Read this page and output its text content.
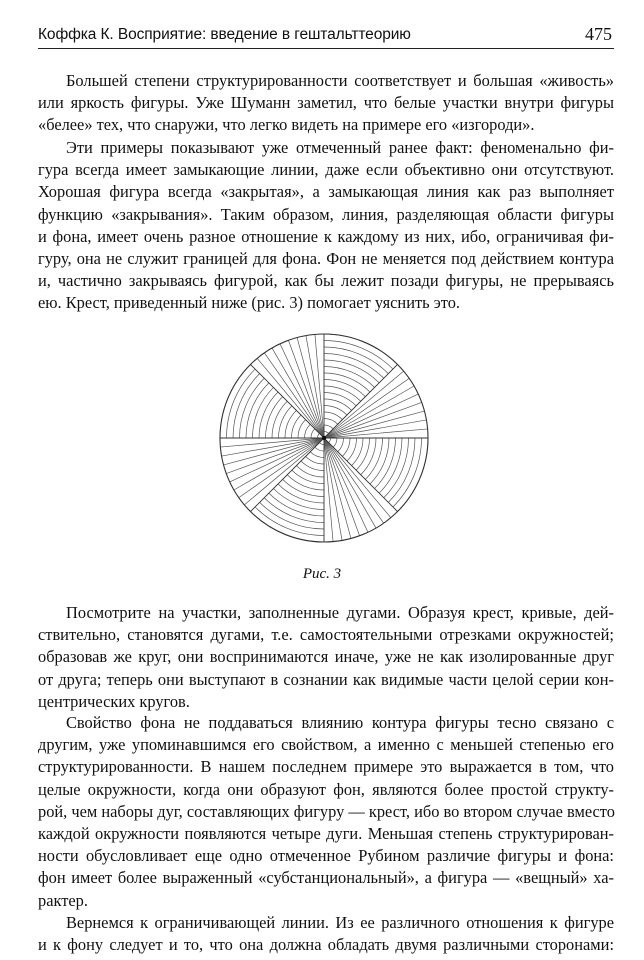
Коффка К. Восприятие: введение в гештальттеорию	475

Большей степени структурированности соответствует и большая «живость»
или яркость фигуры. Уже Шуманн заметил, что белые участки внутри фигуры
«белее» тех, что снаружи, что легко видеть на примере его «изгороди».

Эти примеры показывают уже отмеченный ранее факт: феноменально фи-
гура всегда имеет замыкающие линии, даже если объективно они отсутствуют.
Хорошая фигура всегда «закрытая», а замыкающая линия как раз выполняет
функцию «закрывания». Таким образом, линия, разделяющая области фигуры
и фона, имеет очень разное отношение к каждому из них, ибо, ограничивая фи-
гуру, она не служит границей для фона. Фон не меняется под действием контура
и, частично закрываясь фигурой, как бы лежит позади фигуры, не прерываясь
ею. Крест, приведенный ниже (рис. 3) помогает уяснить это.

Рис. 3

Посмотрите на участки, заполненные дугами. Образуя крест, кривые, дей-
ствительно, становятся дугами, т.е. самостоятельными отрезками окружностей;
образовав же круг, они воспринимаются иначе, уже не как изолированные друг
от друга; теперь они выступают в сознании как видимые части целой серии кон-
центрических кругов.

Свойство фона не поддаваться влиянию контура фигуры тесно связано с
другим, уже упоминавшимся его свойством, а именно с меньшей степенью его
структурированности. В нашем последнем примере это выражается в том, что
целые окружности, когда они образуют фон, являются более простой структу-
рой, чем наборы дуг, составляющих фигуру — крест, ибо во втором случае вместо
каждой окружности появляются четыре дуги. Меньшая степень структурирован-
ности обусловливает еще одно отмеченное Рубином различие фигуры и фона:
фон имеет более выраженный «субстанциональный», а фигура — «вещный» ха-
рактер.

Вернемся к ограничивающей линии. Из ее различного отношения к фигуре
и к фону следует и то, что она должна обладать двумя различными сторонами:
